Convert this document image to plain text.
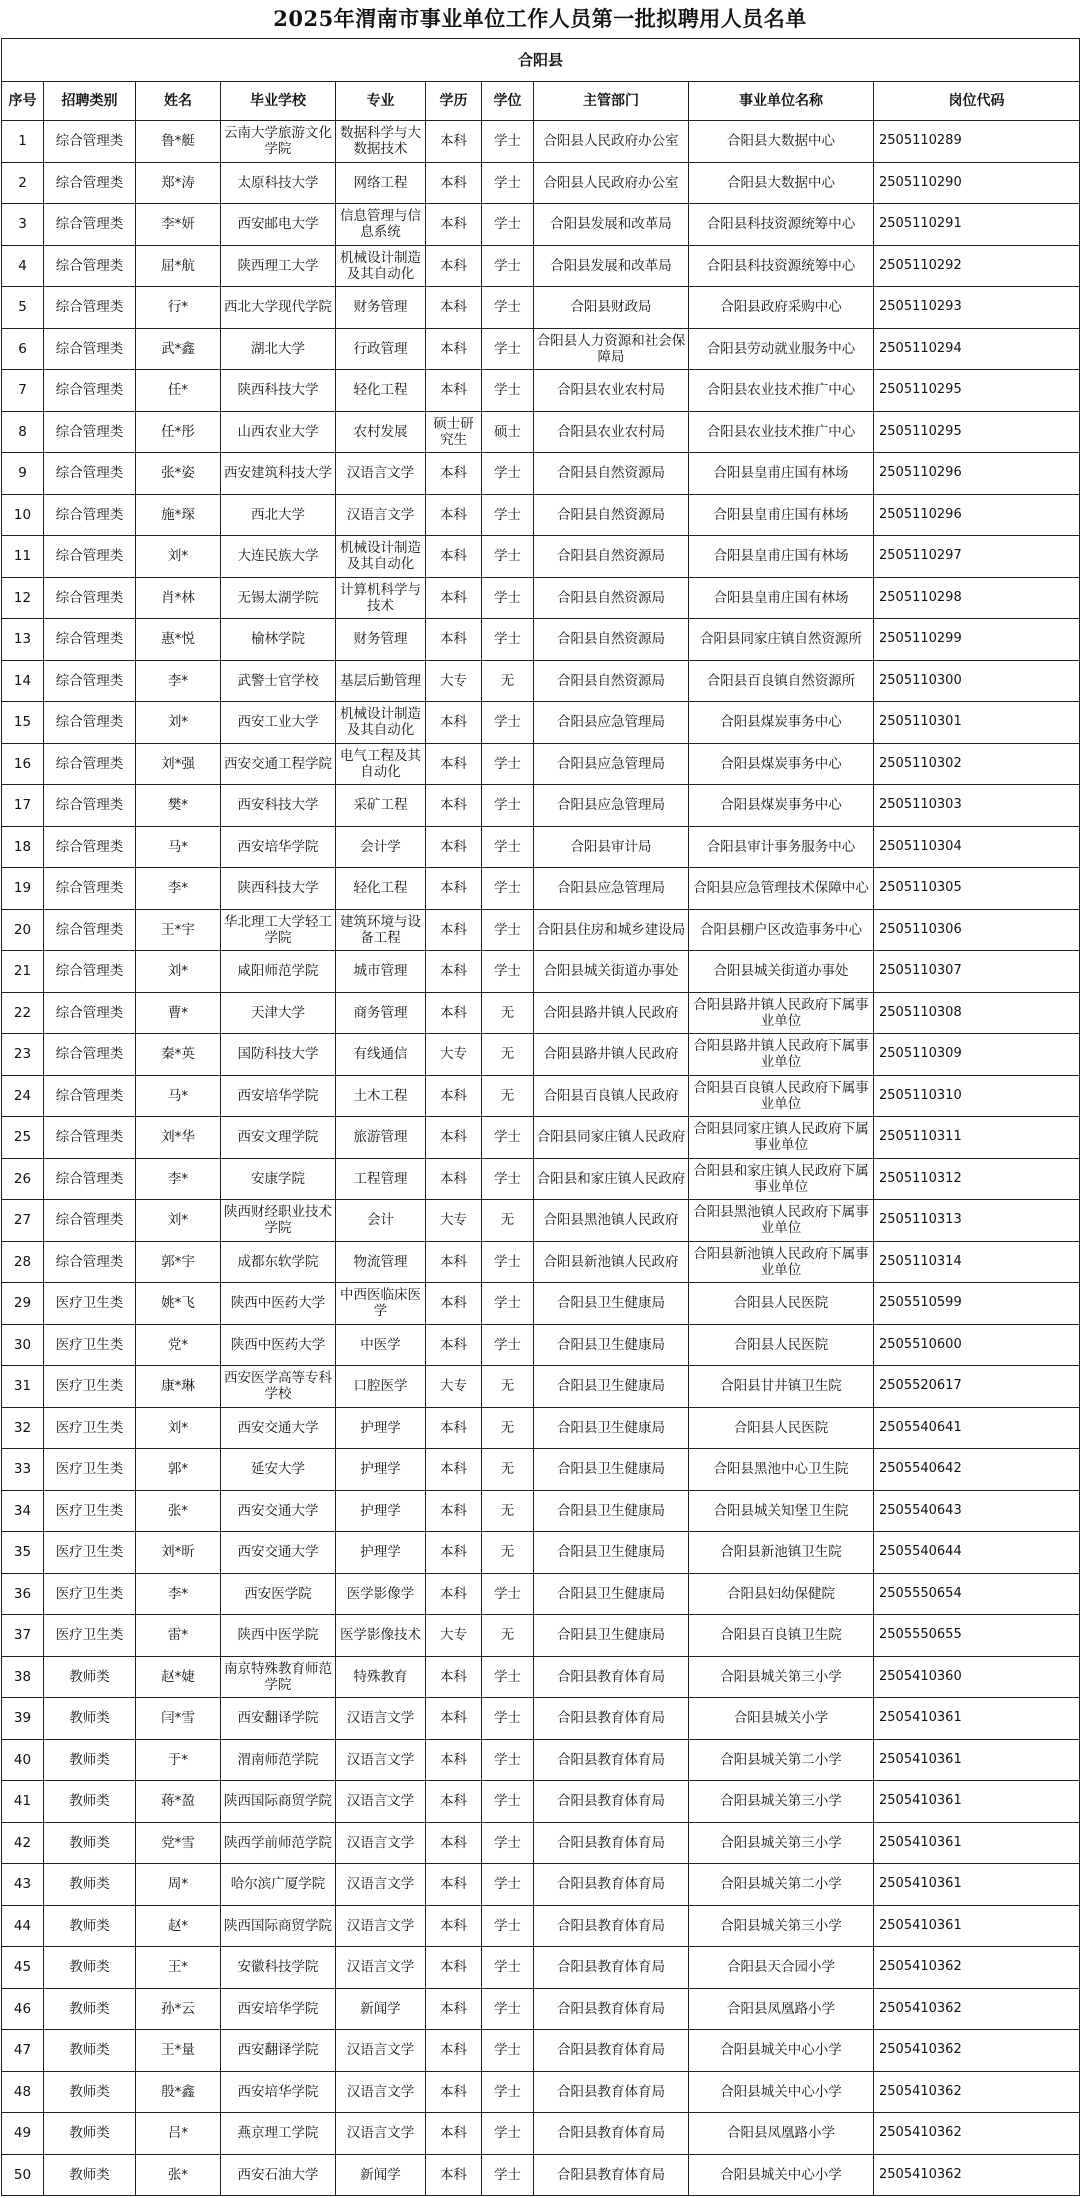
2025年渭南市事业单位工作人员第一批拟聘用人员名单
合阳县									
序号	招聘类别	姓名	毕业学校	专业	学历	学位	主管部门	事业单位名称	岗位代码
1	综合管理类	鲁*艇	云南大学旅游文化学院	数据科学与大数据技术	本科	学士	合阳县人民政府办公室	合阳县大数据中心	2505110289
2	综合管理类	郑*涛	太原科技大学	网络工程	本科	学士	合阳县人民政府办公室	合阳县大数据中心	2505110290
3	综合管理类	李*妍	西安邮电大学	信息管理与信息系统	本科	学士	合阳县发展和改革局	合阳县科技资源统筹中心	2505110291
4	综合管理类	屈*航	陕西理工大学	机械设计制造及其自动化	本科	学士	合阳县发展和改革局	合阳县科技资源统筹中心	2505110292
5	综合管理类	行*	西北大学现代学院	财务管理	本科	学士	合阳县财政局	合阳县政府采购中心	2505110293
6	综合管理类	武*鑫	湖北大学	行政管理	本科	学士	合阳县人力资源和社会保障局	合阳县劳动就业服务中心	2505110294
7	综合管理类	任*	陕西科技大学	轻化工程	本科	学士	合阳县农业农村局	合阳县农业技术推广中心	2505110295
8	综合管理类	任*彤	山西农业大学	农村发展	硕士研究生	硕士	合阳县农业农村局	合阳县农业技术推广中心	2505110295
9	综合管理类	张*姿	西安建筑科技大学	汉语言文学	本科	学士	合阳县自然资源局	合阳县皇甫庄国有林场	2505110296
10	综合管理类	施*琛	西北大学	汉语言文学	本科	学士	合阳县自然资源局	合阳县皇甫庄国有林场	2505110296
11	综合管理类	刘*	大连民族大学	机械设计制造及其自动化	本科	学士	合阳县自然资源局	合阳县皇甫庄国有林场	2505110297
12	综合管理类	肖*林	无锡太湖学院	计算机科学与技术	本科	学士	合阳县自然资源局	合阳县皇甫庄国有林场	2505110298
13	综合管理类	惠*悦	榆林学院	财务管理	本科	学士	合阳县自然资源局	合阳县同家庄镇自然资源所	2505110299
14	综合管理类	李*	武警士官学校	基层后勤管理	大专	无	合阳县自然资源局	合阳县百良镇自然资源所	2505110300
15	综合管理类	刘*	西安工业大学	机械设计制造及其自动化	本科	学士	合阳县应急管理局	合阳县煤炭事务中心	2505110301
16	综合管理类	刘*强	西安交通工程学院	电气工程及其自动化	本科	学士	合阳县应急管理局	合阳县煤炭事务中心	2505110302
17	综合管理类	樊*	西安科技大学	采矿工程	本科	学士	合阳县应急管理局	合阳县煤炭事务中心	2505110303
18	综合管理类	马*	西安培华学院	会计学	本科	学士	合阳县审计局	合阳县审计事务服务中心	2505110304
19	综合管理类	李*	陕西科技大学	轻化工程	本科	学士	合阳县应急管理局	合阳县应急管理技术保障中心	2505110305
20	综合管理类	王*宇	华北理工大学轻工学院	建筑环境与设备工程	本科	学士	合阳县住房和城乡建设局	合阳县棚户区改造事务中心	2505110306
21	综合管理类	刘*	咸阳师范学院	城市管理	本科	学士	合阳县城关街道办事处	合阳县城关街道办事处	2505110307
22	综合管理类	曹*	天津大学	商务管理	本科	无	合阳县路井镇人民政府	合阳县路井镇人民政府下属事业单位	2505110308
23	综合管理类	秦*英	国防科技大学	有线通信	大专	无	合阳县路井镇人民政府	合阳县路井镇人民政府下属事业单位	2505110309
24	综合管理类	马*	西安培华学院	土木工程	本科	无	合阳县百良镇人民政府	合阳县百良镇人民政府下属事业单位	2505110310
25	综合管理类	刘*华	西安文理学院	旅游管理	本科	学士	合阳县同家庄镇人民政府	合阳县同家庄镇人民政府下属事业单位	2505110311
26	综合管理类	李*	安康学院	工程管理	本科	学士	合阳县和家庄镇人民政府	合阳县和家庄镇人民政府下属事业单位	2505110312
27	综合管理类	刘*	陕西财经职业技术学院	会计	大专	无	合阳县黑池镇人民政府	合阳县黑池镇人民政府下属事业单位	2505110313
28	综合管理类	郭*宇	成都东软学院	物流管理	本科	学士	合阳县新池镇人民政府	合阳县新池镇人民政府下属事业单位	2505110314
29	医疗卫生类	姚*飞	陕西中医药大学	中西医临床医学	本科	学士	合阳县卫生健康局	合阳县人民医院	2505510599
30	医疗卫生类	党*	陕西中医药大学	中医学	本科	学士	合阳县卫生健康局	合阳县人民医院	2505510600
31	医疗卫生类	康*琳	西安医学高等专科学校	口腔医学	大专	无	合阳县卫生健康局	合阳县甘井镇卫生院	2505520617
32	医疗卫生类	刘*	西安交通大学	护理学	本科	无	合阳县卫生健康局	合阳县人民医院	2505540641
33	医疗卫生类	郭*	延安大学	护理学	本科	无	合阳县卫生健康局	合阳县黑池中心卫生院	2505540642
34	医疗卫生类	张*	西安交通大学	护理学	本科	无	合阳县卫生健康局	合阳县城关知堡卫生院	2505540643
35	医疗卫生类	刘*昕	西安交通大学	护理学	本科	无	合阳县卫生健康局	合阳县新池镇卫生院	2505540644
36	医疗卫生类	李*	西安医学院	医学影像学	本科	学士	合阳县卫生健康局	合阳县妇幼保健院	2505550654
37	医疗卫生类	雷*	陕西中医学院	医学影像技术	大专	无	合阳县卫生健康局	合阳县百良镇卫生院	2505550655
38	教师类	赵*婕	南京特殊教育师范学院	特殊教育	本科	学士	合阳县教育体育局	合阳县城关第三小学	2505410360
39	教师类	闫*雪	西安翻译学院	汉语言文学	本科	学士	合阳县教育体育局	合阳县城关小学	2505410361
40	教师类	于*	渭南师范学院	汉语言文学	本科	学士	合阳县教育体育局	合阳县城关第二小学	2505410361
41	教师类	蒋*盈	陕西国际商贸学院	汉语言文学	本科	学士	合阳县教育体育局	合阳县城关第三小学	2505410361
42	教师类	党*雪	陕西学前师范学院	汉语言文学	本科	学士	合阳县教育体育局	合阳县城关第三小学	2505410361
43	教师类	周*	哈尔滨广厦学院	汉语言文学	本科	学士	合阳县教育体育局	合阳县城关第二小学	2505410361
44	教师类	赵*	陕西国际商贸学院	汉语言文学	本科	学士	合阳县教育体育局	合阳县城关第三小学	2505410361
45	教师类	王*	安徽科技学院	汉语言文学	本科	学士	合阳县教育体育局	合阳县天合园小学	2505410362
46	教师类	孙*云	西安培华学院	新闻学	本科	学士	合阳县教育体育局	合阳县凤凰路小学	2505410362
47	教师类	王*量	西安翻译学院	汉语言文学	本科	学士	合阳县教育体育局	合阳县城关中心小学	2505410362
48	教师类	殷*鑫	西安培华学院	汉语言文学	本科	学士	合阳县教育体育局	合阳县城关中心小学	2505410362
49	教师类	吕*	燕京理工学院	汉语言文学	本科	学士	合阳县教育体育局	合阳县凤凰路小学	2505410362
50	教师类	张*	西安石油大学	新闻学	本科	学士	合阳县教育体育局	合阳县城关中心小学	2505410362
